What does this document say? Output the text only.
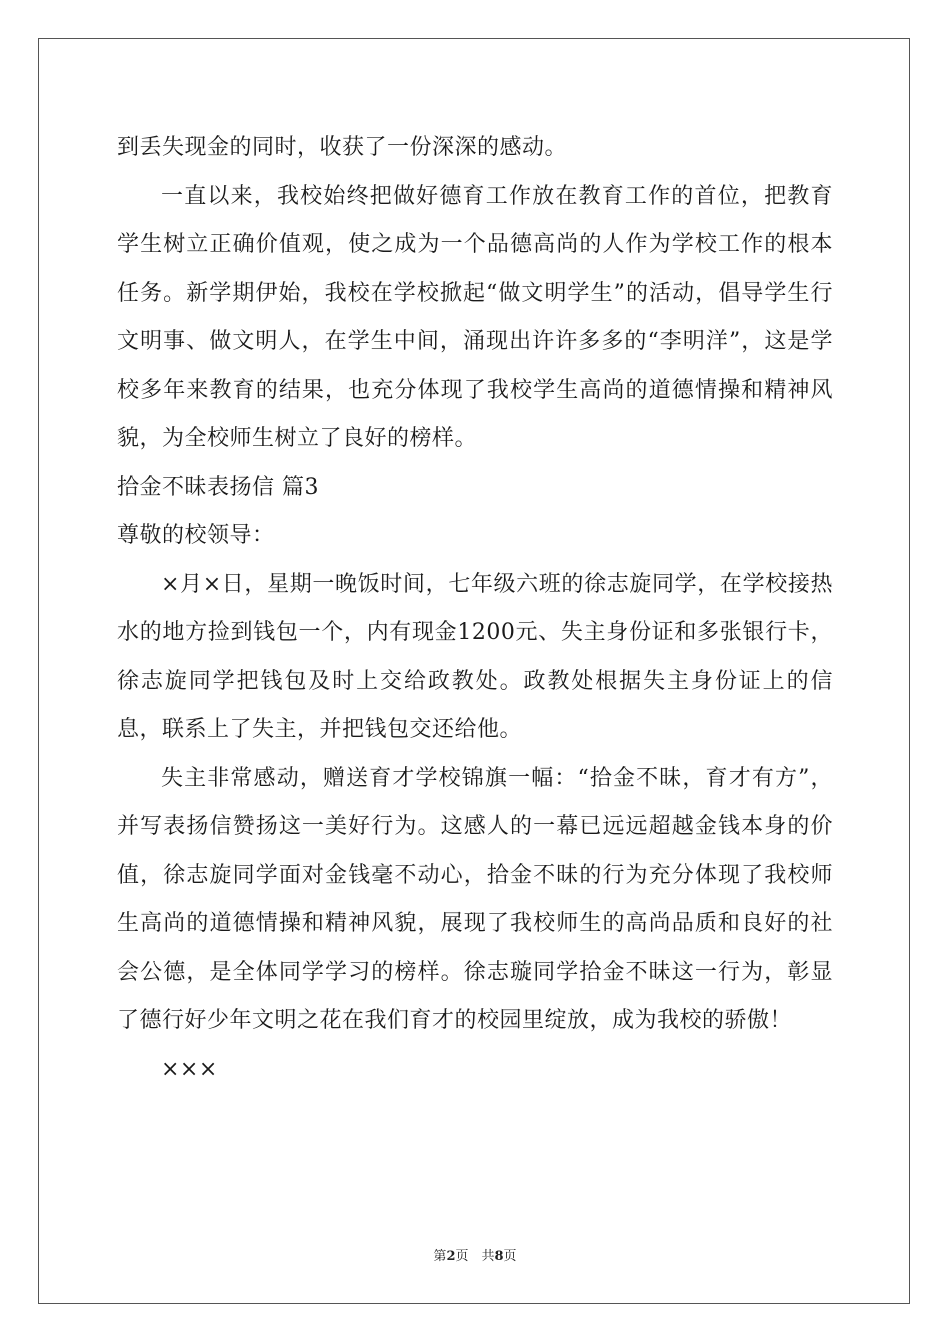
到丢失现金的同时，收获了一份深深的感动。

一直以来，我校始终把做好德育工作放在教育工作的首位，把教育学生树立正确价值观，使之成为一个品德高尚的人作为学校工作的根本任务。新学期伊始，我校在学校掀起“做文明学生”的活动，倡导学生行文明事、做文明人，在学生中间，涌现出许许多多的“李明洋”，这是学校多年来教育的结果，也充分体现了我校学生高尚的道德情操和精神风貌，为全校师生树立了良好的榜样。

拾金不昧表扬信 篇3

尊敬的校领导：

×月×日，星期一晚饭时间，七年级六班的徐志旋同学，在学校接热水的地方捡到钱包一个，内有现金1200元、失主身份证和多张银行卡，徐志旋同学把钱包及时上交给政教处。政教处根据失主身份证上的信息，联系上了失主，并把钱包交还给他。

失主非常感动，赠送育才学校锦旗一幅：“拾金不昧，育才有方”，并写表扬信赞扬这一美好行为。这感人的一幕已远远超越金钱本身的价值，徐志旋同学面对金钱毫不动心，拾金不昧的行为充分体现了我校师生高尚的道德情操和精神风貌，展现了我校师生的高尚品质和良好的社会公德，是全体同学学习的榜样。徐志璇同学拾金不昧这一行为，彰显了德行好少年文明之花在我们育才的校园里绽放，成为我校的骄傲！

×××

第2页　共8页
